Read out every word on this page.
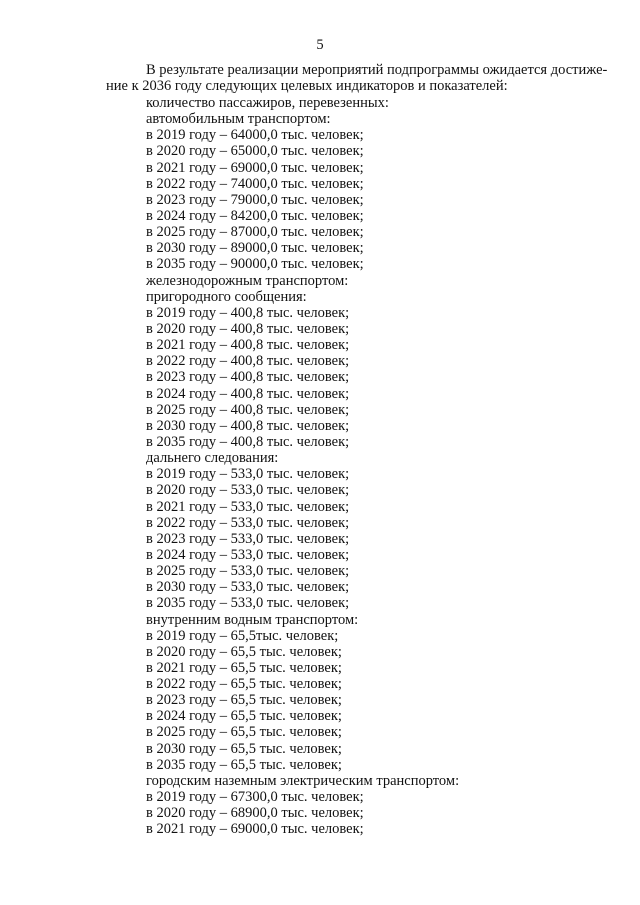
5
В результате реализации мероприятий подпрограммы ожидается достиже-
ние к 2036 году следующих целевых индикаторов и показателей:
количество пассажиров, перевезенных:
автомобильным транспортом:
в 2019 году – 64000,0 тыс. человек;
в 2020 году – 65000,0 тыс. человек;
в 2021 году – 69000,0 тыс. человек;
в 2022 году – 74000,0 тыс. человек;
в 2023 году – 79000,0 тыс. человек;
в 2024 году – 84200,0 тыс. человек;
в 2025 году – 87000,0 тыс. человек;
в 2030 году – 89000,0 тыс. человек;
в 2035 году – 90000,0 тыс. человек;
железнодорожным транспортом:
пригородного сообщения:
в 2019 году – 400,8 тыс. человек;
в 2020 году – 400,8 тыс. человек;
в 2021 году – 400,8 тыс. человек;
в 2022 году – 400,8 тыс. человек;
в 2023 году – 400,8 тыс. человек;
в 2024 году – 400,8 тыс. человек;
в 2025 году – 400,8 тыс. человек;
в 2030 году – 400,8 тыс. человек;
в 2035 году – 400,8 тыс. человек;
дальнего следования:
в 2019 году – 533,0 тыс. человек;
в 2020 году – 533,0 тыс. человек;
в 2021 году – 533,0 тыс. человек;
в 2022 году – 533,0 тыс. человек;
в 2023 году – 533,0 тыс. человек;
в 2024 году – 533,0 тыс. человек;
в 2025 году – 533,0 тыс. человек;
в 2030 году – 533,0 тыс. человек;
в 2035 году – 533,0 тыс. человек;
внутренним водным транспортом:
в 2019 году – 65,5тыс. человек;
в 2020 году – 65,5 тыс. человек;
в 2021 году – 65,5 тыс. человек;
в 2022 году – 65,5 тыс. человек;
в 2023 году – 65,5 тыс. человек;
в 2024 году – 65,5 тыс. человек;
в 2025 году – 65,5 тыс. человек;
в 2030 году – 65,5 тыс. человек;
в 2035 году – 65,5 тыс. человек;
городским наземным электрическим транспортом:
в 2019 году – 67300,0 тыс. человек;
в 2020 году – 68900,0 тыс. человек;
в 2021 году – 69000,0 тыс. человек;
